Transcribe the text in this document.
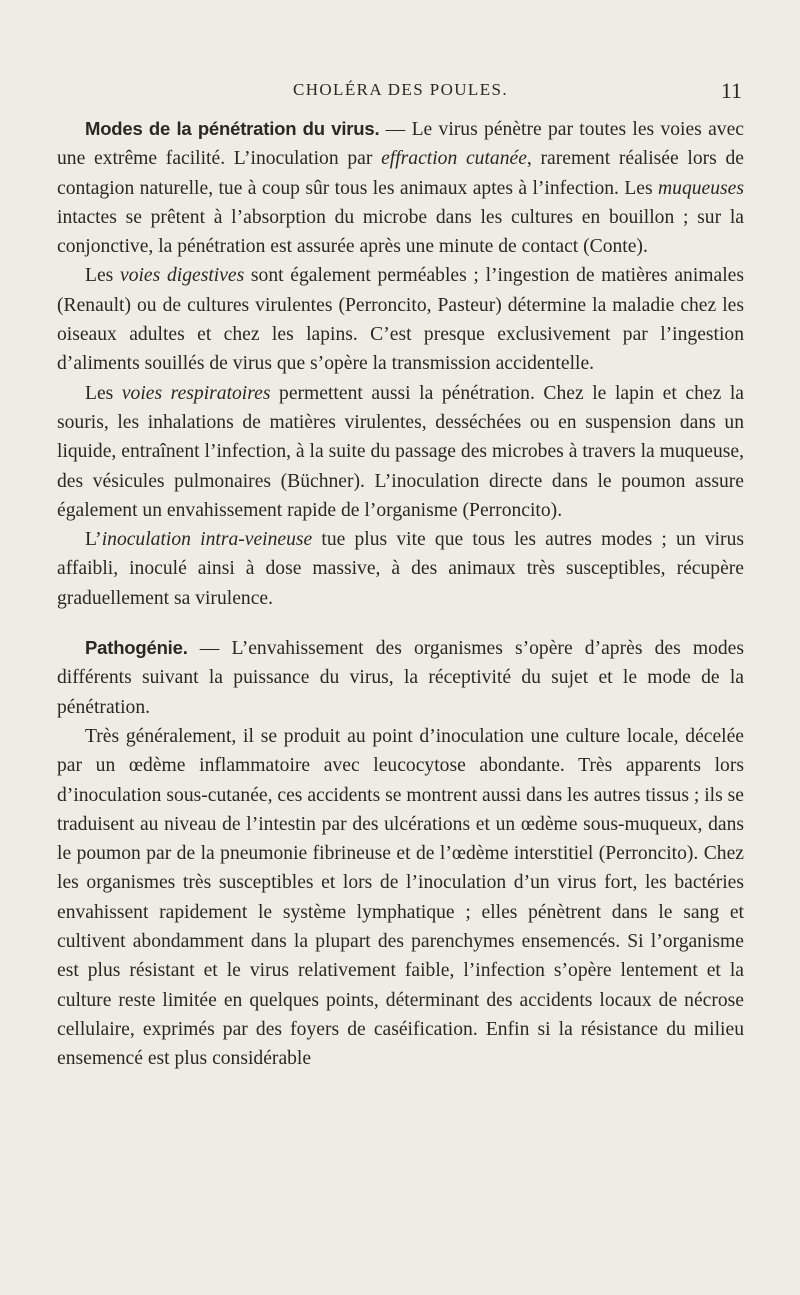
CHOLÉRA DES POULES.	11

Modes de la pénétration du virus. — Le virus pénètre par toutes les voies avec une extrême facilité. L’inoculation par effraction cutanée, rarement réalisée lors de contagion naturelle, tue à coup sûr tous les animaux aptes à l’infection. Les muqueuses intactes se prêtent à l’absorption du microbe dans les cultures en bouillon ; sur la conjonctive, la pénétration est assurée après une minute de contact (Conte).

Les voies digestives sont également perméables ; l’ingestion de matières animales (Renault) ou de cultures virulentes (Perroncito, Pasteur) détermine la maladie chez les oiseaux adultes et chez les lapins. C’est presque exclusivement par l’ingestion d’aliments souillés de virus que s’opère la transmission accidentelle.

Les voies respiratoires permettent aussi la pénétration. Chez le lapin et chez la souris, les inhalations de matières virulentes, desséchées ou en suspension dans un liquide, entraînent l’infection, à la suite du passage des microbes à travers la muqueuse, des vésicules pulmonaires (Büchner). L’inoculation directe dans le poumon assure également un envahissement rapide de l’organisme (Perroncito).

L’inoculation intra-veineuse tue plus vite que tous les autres modes ; un virus affaibli, inoculé ainsi à dose massive, à des animaux très susceptibles, récupère graduellement sa virulence.

Pathogénie. — L’envahissement des organismes s’opère d’après des modes différents suivant la puissance du virus, la réceptivité du sujet et le mode de la pénétration.

Très généralement, il se produit au point d’inoculation une culture locale, décelée par un œdème inflammatoire avec leucocytose abondante. Très apparents lors d’inoculation sous-cutanée, ces accidents se montrent aussi dans les autres tissus ; ils se traduisent au niveau de l’intestin par des ulcérations et un œdème sous-muqueux, dans le poumon par de la pneumonie fibrineuse et de l’œdème interstitiel (Perroncito). Chez les organismes très susceptibles et lors de l’inoculation d’un virus fort, les bactéries envahissent rapidement le système lymphatique ; elles pénètrent dans le sang et cultivent abondamment dans la plupart des parenchymes ensemencés. Si l’organisme est plus résistant et le virus relativement faible, l’infection s’opère lentement et la culture reste limitée en quelques points, déterminant des accidents locaux de nécrose cellulaire, exprimés par des foyers de caséification. Enfin si la résistance du milieu ensemencé est plus considérable
